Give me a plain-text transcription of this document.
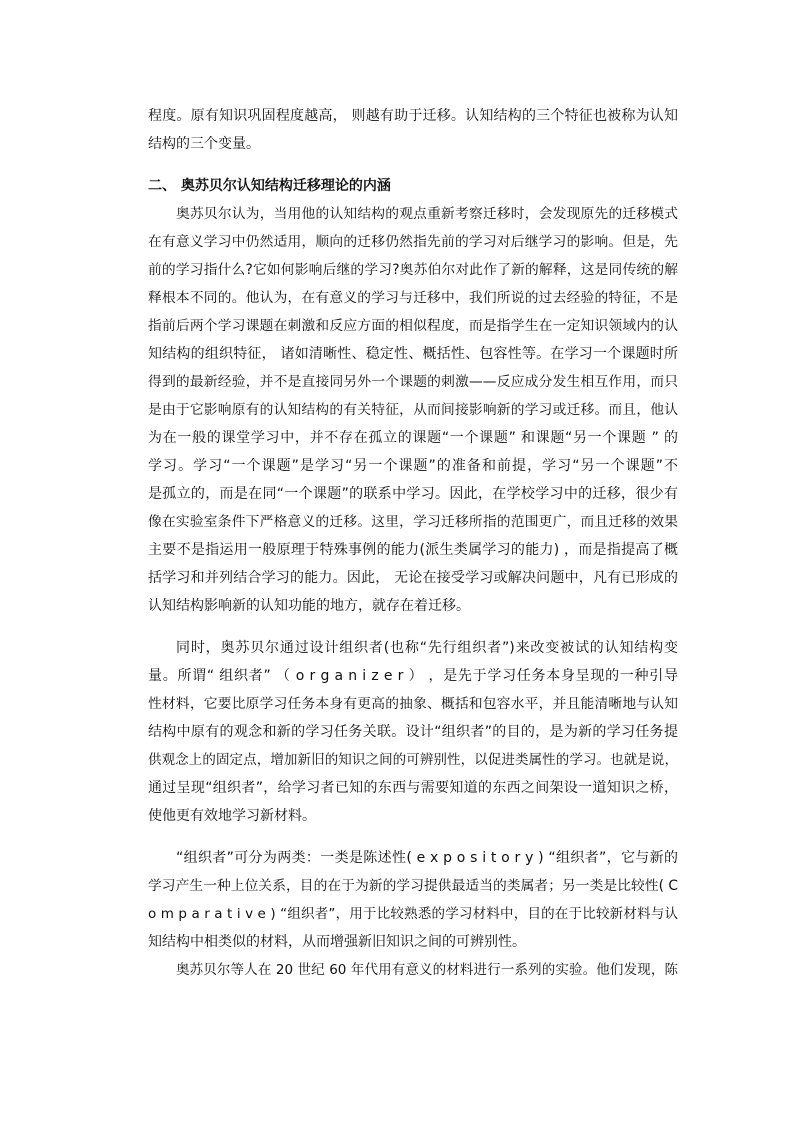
程度。原有知识巩固程度越高， 则越有助于迁移。认知结构的三个特征也被称为认知
结构的三个变量。
二、 奥苏贝尔认知结构迁移理论的内涵
奥苏贝尔认为，当用他的认知结构的观点重新考察迁移时，会发现原先的迁移模式
在有意义学习中仍然适用，顺向的迁移仍然指先前的学习对后继学习的影响。但是，先
前的学习指什么?它如何影响后继的学习?奥苏伯尔对此作了新的解释，这是同传统的解
释根本不同的。他认为，在有意义的学习与迁移中，我们所说的过去经验的特征，不是
指前后两个学习课题在刺激和反应方面的相似程度，而是指学生在一定知识领域内的认
知结构的组织特征， 诸如清晰性、稳定性、概括性、包容性等。在学习一个课题时所
得到的最新经验，并不是直接同另外一个课题的刺激——反应成分发生相互作用，而只
是由于它影响原有的认知结构的有关特征，从而间接影响新的学习或迁移。而且，他认
为在一般的课堂学习中，并不存在孤立的课题“一个课题” 和课题“另一个课题 ” 的
学习。学习“一个课题”是学习“另一个课题”的准备和前提，学习“另一个课题”不
是孤立的，而是在同“一个课题”的联系中学习。因此，在学校学习中的迁移，很少有
像在实验室条件下严格意义的迁移。这里，学习迁移所指的范围更广，而且迁移的效果
主要不是指运用一般原理于特殊事例的能力(派生类属学习的能力) ，而是指提高了概
括学习和并列结合学习的能力。因此， 无论在接受学习或解决问题中，凡有已形成的
认知结构影响新的认知功能的地方，就存在着迁移。
同时，奥苏贝尔通过设计组织者(也称“先行组织者”)来改变被试的认知结构变
量。所谓“ 组织者” （ o r g a n i z e r ） ，是先于学习任务本身呈现的一种引导
性材料，它要比原学习任务本身有更高的抽象、概括和包容水平，并且能清晰地与认知
结构中原有的观念和新的学习任务关联。设计“组织者”的目的，是为新的学习任务提
供观念上的固定点，增加新旧的知识之间的可辨别性，以促进类属性的学习。也就是说，
通过呈现“组织者”，给学习者已知的东西与需要知道的东西之间架设一道知识之桥，
使他更有效地学习新材料。
“组织者”可分为两类：一类是陈述性( e x p o s i t o r y ) “组织者”，它与新的
学习产生一种上位关系，目的在于为新的学习提供最适当的类属者；另一类是比较性( C
o m p a r a t i v e ) “组织者”，用于比较熟悉的学习材料中，目的在于比较新材料与认
知结构中相类似的材料，从而增强新旧知识之间的可辨别性。
奥苏贝尔等人在 20 世纪 60 年代用有意义的材料进行一系列的实验。他们发现，陈
